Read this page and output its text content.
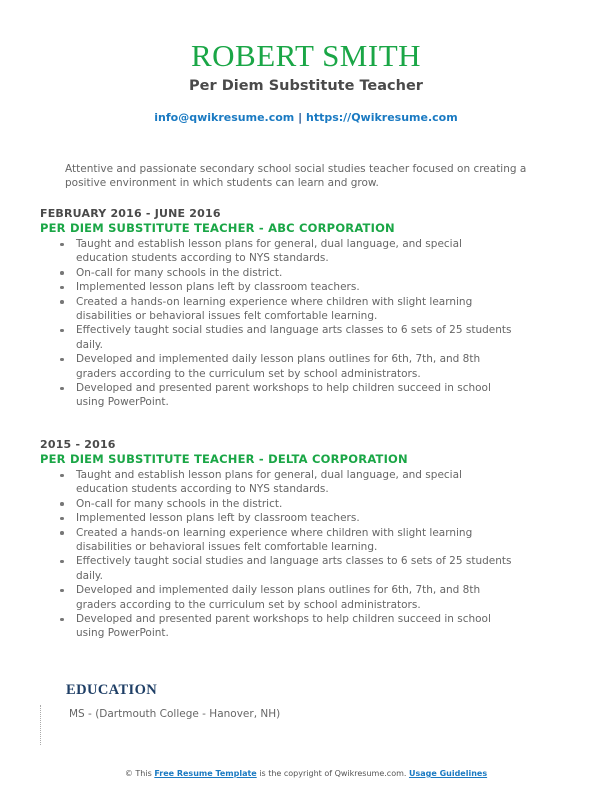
ROBERT SMITH
Per Diem Substitute Teacher
info@qwikresume.com | https://Qwikresume.com
Attentive and passionate secondary school social studies teacher focused on creating a positive environment in which students can learn and grow.
FEBRUARY 2016 - JUNE 2016
PER DIEM SUBSTITUTE TEACHER - ABC CORPORATION
Taught and establish lesson plans for general, dual language, and special education students according to NYS standards.
On-call for many schools in the district.
Implemented lesson plans left by classroom teachers.
Created a hands-on learning experience where children with slight learning disabilities or behavioral issues felt comfortable learning.
Effectively taught social studies and language arts classes to 6 sets of 25 students daily.
Developed and implemented daily lesson plans outlines for 6th, 7th, and 8th graders according to the curriculum set by school administrators.
Developed and presented parent workshops to help children succeed in school using PowerPoint.
2015 - 2016
PER DIEM SUBSTITUTE TEACHER - DELTA CORPORATION
Taught and establish lesson plans for general, dual language, and special education students according to NYS standards.
On-call for many schools in the district.
Implemented lesson plans left by classroom teachers.
Created a hands-on learning experience where children with slight learning disabilities or behavioral issues felt comfortable learning.
Effectively taught social studies and language arts classes to 6 sets of 25 students daily.
Developed and implemented daily lesson plans outlines for 6th, 7th, and 8th graders according to the curriculum set by school administrators.
Developed and presented parent workshops to help children succeed in school using PowerPoint.
EDUCATION
MS - (Dartmouth College - Hanover, NH)
© This Free Resume Template is the copyright of Qwikresume.com. Usage Guidelines
